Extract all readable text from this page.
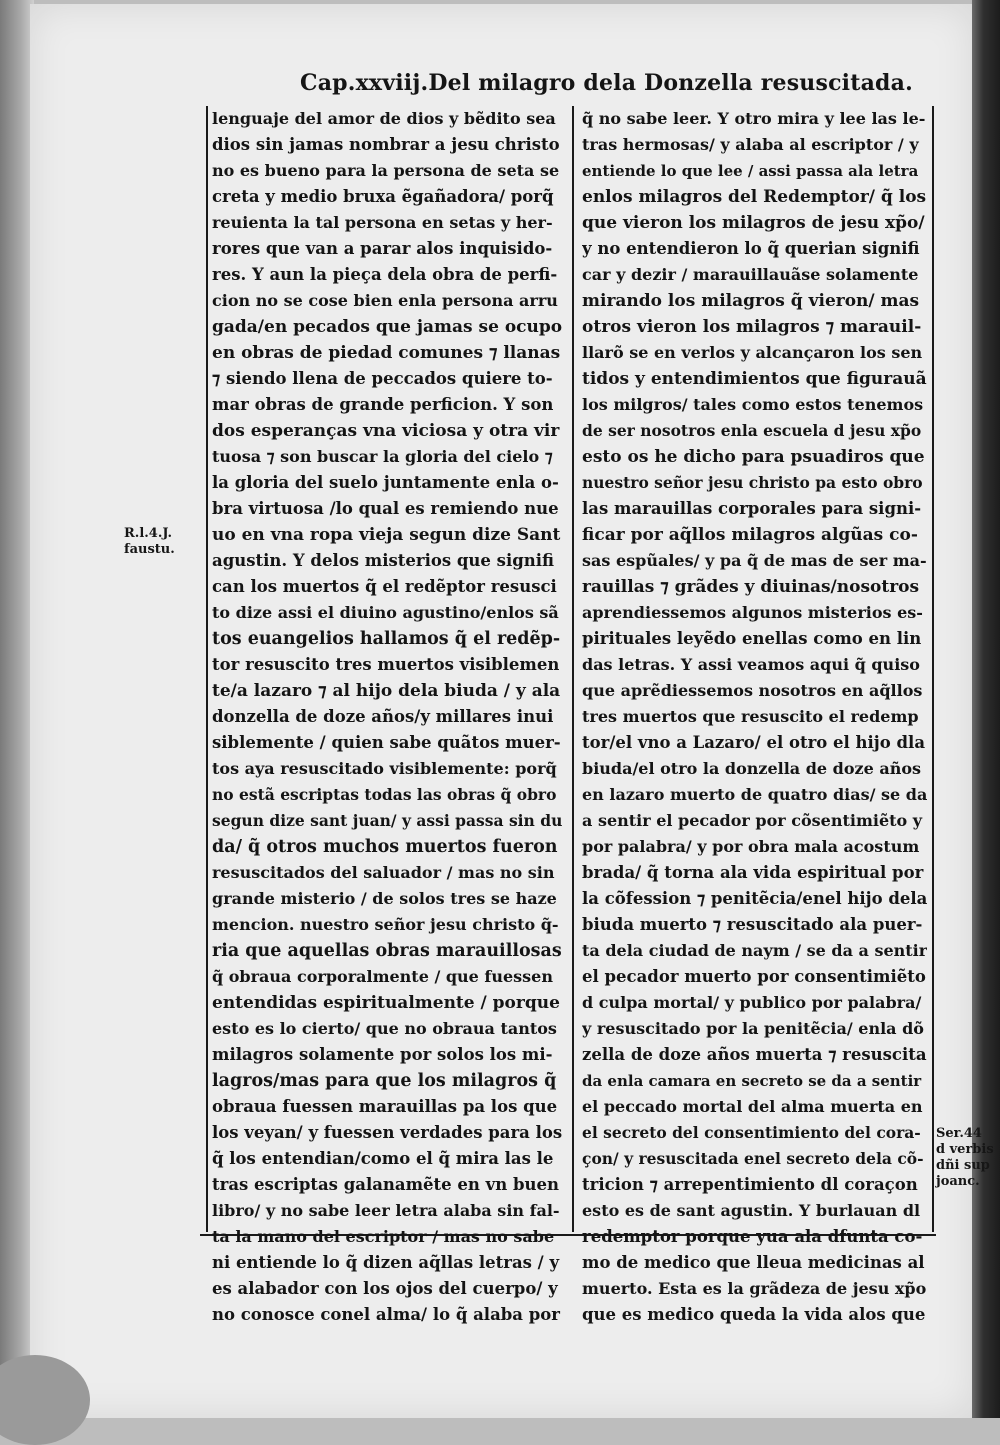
Cap.xxviij.Del milagro dela Donzella resuscitada.
lenguaje del amor de dios y bẽdito sea
dios sin jamas nombrar a jesu christo
no es bueno para la persona de seta se
creta y medio bruxa ẽgañadora/ porq̃
reuienta la tal persona en setas y her-
rores que van a parar alos inquisido-
res. Y aun la pieça dela obra de perfi-
cion no se cose bien enla persona arru
gada/en pecados que jamas se ocupo
en obras de piedad comunes ⁊ llanas
⁊ siendo llena de peccados quiere to-
mar obras de grande perficion. Y son
dos esperanças vna viciosa y otra vir
tuosa ⁊ son buscar la gloria del cielo ⁊
la gloria del suelo juntamente enla o-
bra virtuosa /lo qual es remiendo nue
uo en vna ropa vieja segun dize Sant
agustin. Y delos misterios que signifi
can los muertos q̃ el redẽptor resusci
to dize assi el diuino agustino/enlos sã
tos euangelios hallamos q̃ el redẽp-
tor resuscito tres muertos visiblemen
te/a lazaro ⁊ al hijo dela biuda / y ala
donzella de doze años/y millares inui
siblemente / quien sabe quãtos muer-
tos aya resuscitado visiblemente: porq̃
no estã escriptas todas las obras q̃ obro
segun dize sant juan/ y assi passa sin du
da/ q̃ otros muchos muertos fueron
resuscitados del saluador / mas no sin
grande misterio / de solos tres se haze
mencion. nuestro señor jesu christo q̃-
ria que aquellas obras marauillosas
q̃ obraua corporalmente / que fuessen
entendidas espiritualmente / porque
esto es lo cierto/ que no obraua tantos
milagros solamente por solos los mi-
lagros/mas para que los milagros q̃
obraua fuessen marauillas pa los que
los veyan/ y fuessen verdades para los
q̃ los entendian/como el q̃ mira las le
tras escriptas galanamẽte en vn buen
libro/ y no sabe leer letra alaba sin fal-
ta la mano del escriptor / mas no sabe
ni entiende lo q̃ dizen aq̃llas letras / y
es alabador con los ojos del cuerpo/ y
no conosce conel alma/ lo q̃ alaba por
q̃ no sabe leer. Y otro mira y lee las le-
tras hermosas/ y alaba al escriptor / y
entiende lo que lee / assi passa ala letra
enlos milagros del Redemptor/ q̃ los
que vieron los milagros de jesu xp̃o/
y no entendieron lo q̃ querian signifi
car y dezir / marauillauãse solamente
mirando los milagros q̃ vieron/ mas
otros vieron los milagros ⁊ marauil-
llarõ se en verlos y alcançaron los sen
tidos y entendimientos que figurauã
los milgros/ tales como estos tenemos
de ser nosotros enla escuela d jesu xp̃o
esto os he dicho para psuadiros que
nuestro señor jesu christo pa esto obro
las marauillas corporales para signi-
ficar por aq̃llos milagros algũas co-
sas espũales/ y pa q̃ de mas de ser ma-
rauillas ⁊ grãdes y diuinas/nosotros
aprendiessemos algunos misterios es-
pirituales leyẽdo enellas como en lin
das letras. Y assi veamos aqui q̃ quiso
que aprẽdiessemos nosotros en aq̃llos
tres muertos que resuscito el redemp
tor/el vno a Lazaro/ el otro el hijo dla
biuda/el otro la donzella de doze años
en lazaro muerto de quatro dias/ se da
a sentir el pecador por cõsentimiẽto y
por palabra/ y por obra mala acostum
brada/ q̃ torna ala vida espiritual por
la cõfession ⁊ penitẽcia/enel hijo dela
biuda muerto ⁊ resuscitado ala puer-
ta dela ciudad de naym / se da a sentir
el pecador muerto por consentimiẽto
d culpa mortal/ y publico por palabra/
y resuscitado por la penitẽcia/ enla dõ
zella de doze años muerta ⁊ resuscita
da enla camara en secreto se da a sentir
el peccado mortal del alma muerta en
el secreto del consentimiento del cora-
çon/ y resuscitada enel secreto dela cõ-
tricion ⁊ arrepentimiento dl coraçon
esto es de sant agustin. Y burlauan dl
redemptor porque yua ala dfunta co-
mo de medico que lleua medicinas al
muerto. Esta es la grãdeza de jesu xp̃o
que es medico quedа la vida alos que
R.l.4.J.
faustu.
Ser.44
d verbis
dñi sup
joanc.
